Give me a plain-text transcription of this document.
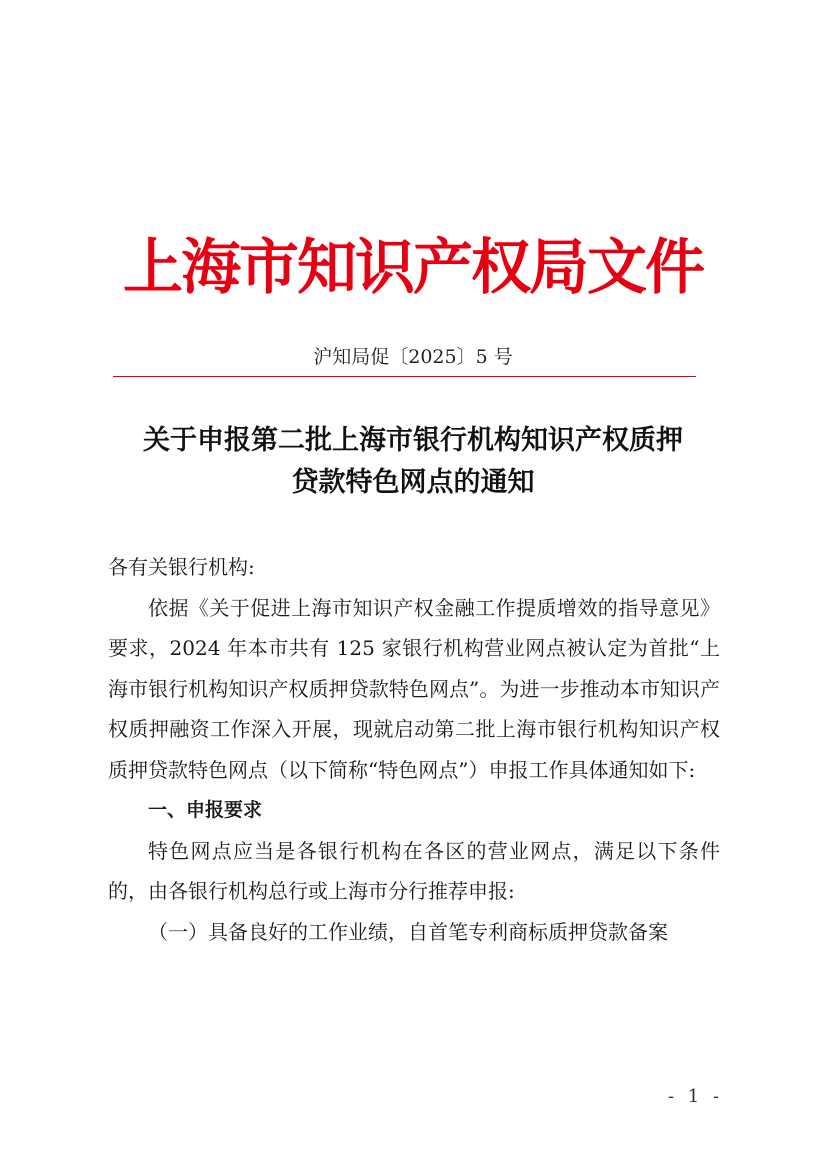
上海市知识产权局文件
沪知局促〔2025〕5 号
关于申报第二批上海市银行机构知识产权质押
贷款特色网点的通知

各有关银行机构:

依据《关于促进上海市知识产权金融工作提质增效的指导意见》要求，2024 年本市共有 125 家银行机构营业网点被认定为首批“上海市银行机构知识产权质押贷款特色网点”。为进一步推动本市知识产权质押融资工作深入开展，现就启动第二批上海市银行机构知识产权质押贷款特色网点（以下简称“特色网点”）申报工作具体通知如下:

一、申报要求

特色网点应当是各银行机构在各区的营业网点，满足以下条件的，由各银行机构总行或上海市分行推荐申报:

（一）具备良好的工作业绩，自首笔专利商标质押贷款备案

- 1 -
